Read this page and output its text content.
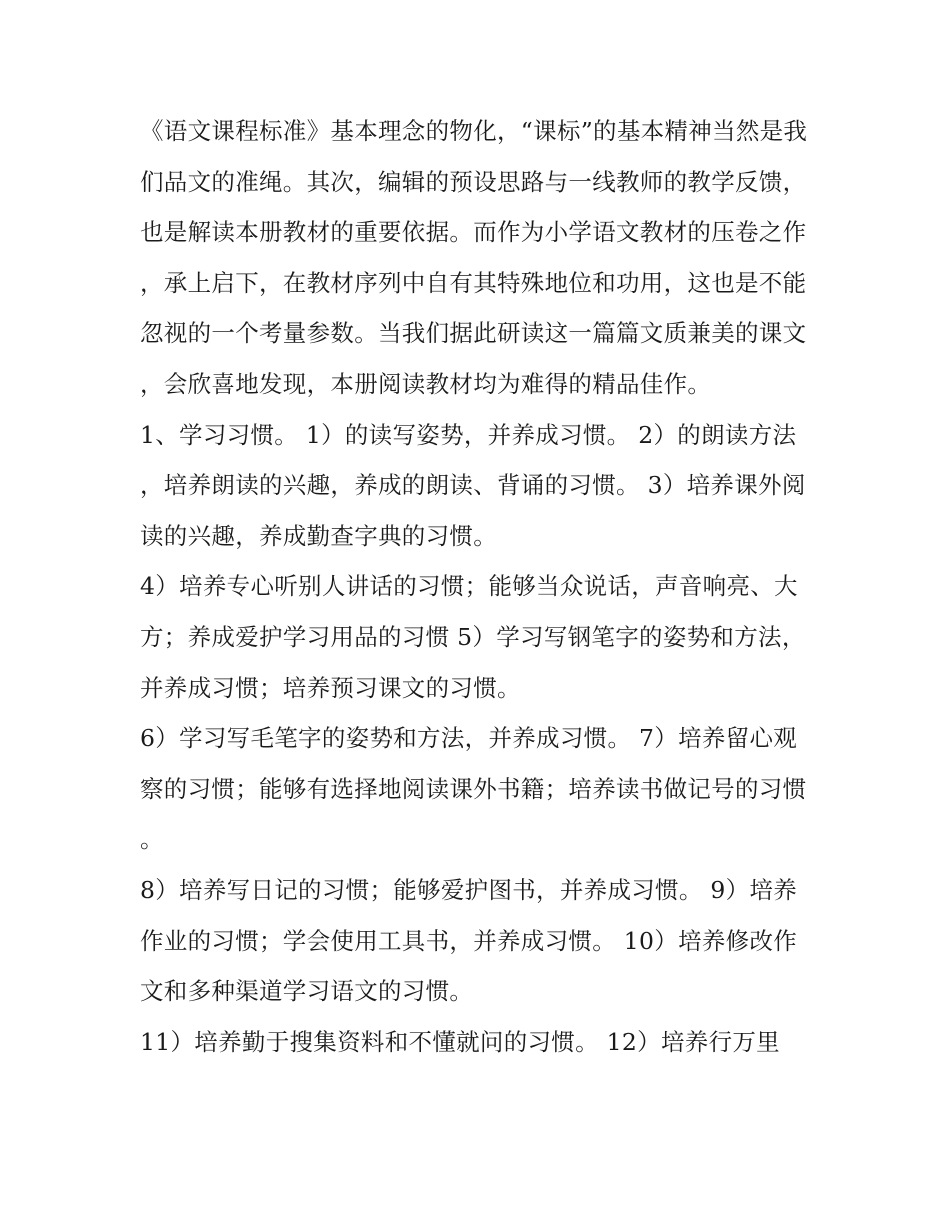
《语文课程标准》基本理念的物化，“课标”的基本精神当然是我们品文的准绳。其次，编辑的预设思路与一线教师的教学反馈，也是解读本册教材的重要依据。而作为小学语文教材的压卷之作，承上启下，在教材序列中自有其特殊地位和功用，这也是不能忽视的一个考量参数。当我们据此研读这一篇篇文质兼美的课文，会欣喜地发现，本册阅读教材均为难得的精品佳作。

1、学习习惯。 1）的读写姿势，并养成习惯。 2）的朗读方法，培养朗读的兴趣，养成的朗读、背诵的习惯。 3）培养课外阅读的兴趣，养成勤查字典的习惯。

4）培养专心听别人讲话的习惯；能够当众说话，声音响亮、大方；养成爱护学习用品的习惯 5）学习写钢笔字的姿势和方法，并养成习惯；培养预习课文的习惯。

6）学习写毛笔字的姿势和方法，并养成习惯。 7）培养留心观察的习惯；能够有选择地阅读课外书籍；培养读书做记号的习惯。

8）培养写日记的习惯；能够爱护图书，并养成习惯。 9）培养作业的习惯；学会使用工具书，并养成习惯。 10）培养修改作文和多种渠道学习语文的习惯。

11）培养勤于搜集资料和不懂就问的习惯。 12）培养行万里
